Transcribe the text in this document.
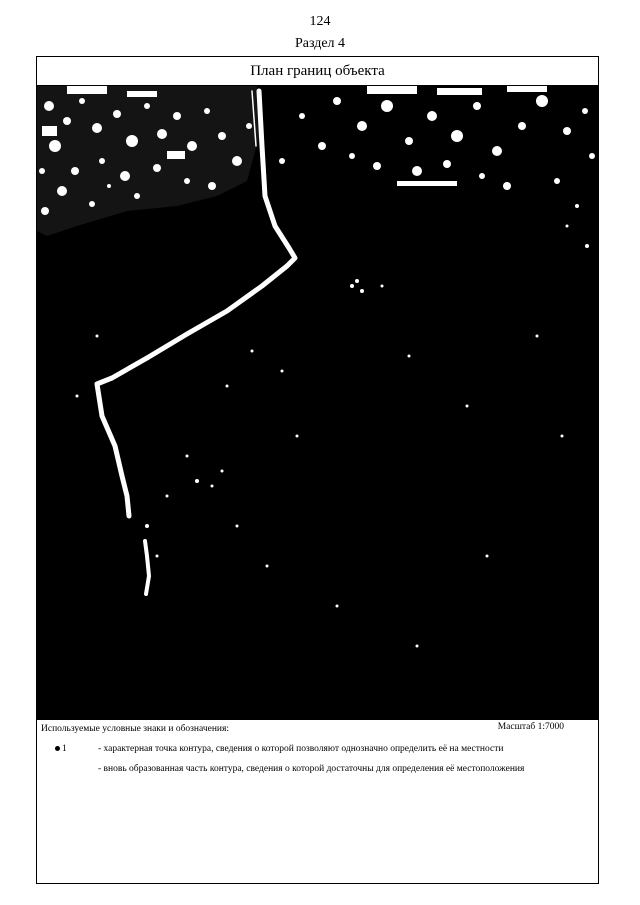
124
Раздел 4
План границ объекта
Используемые условные знаки и обозначения:	Масштаб 1:7000
1	- характерная точка контура, сведения о которой позволяют однозначно определить её на местности
- вновь образованная часть контура, сведения о которой достаточны для определения её местоположения
